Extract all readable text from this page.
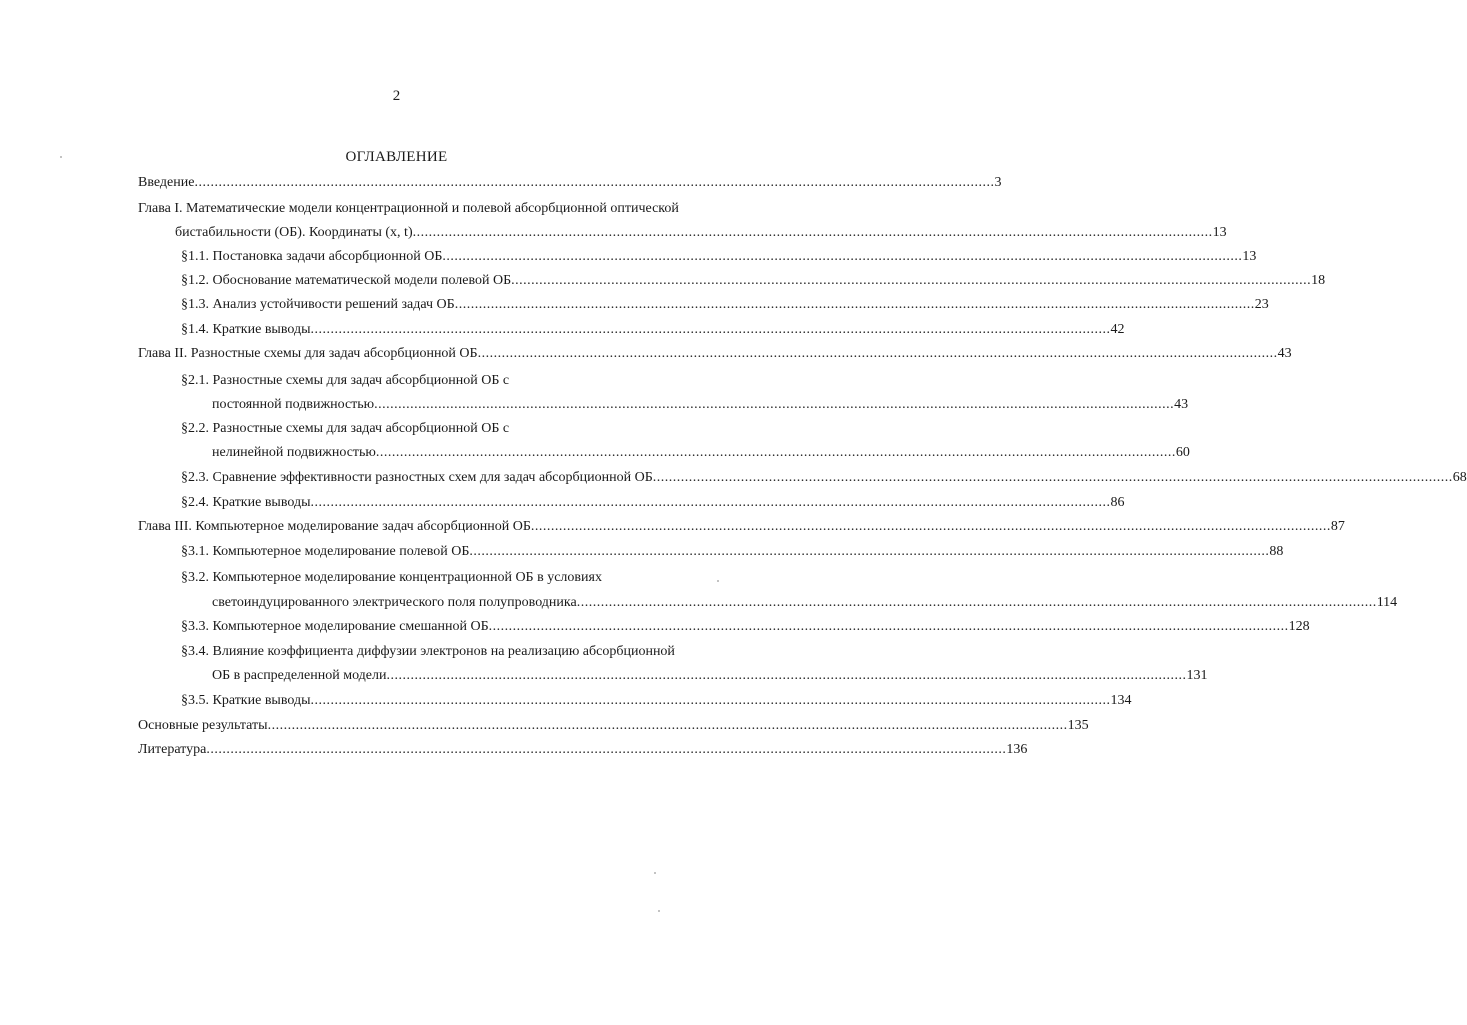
2
ОГЛАВЛЕНИЕ
Введение ........................................................................................................................................................................................................ 3
Глава I. Математические модели концентрационной и полевой абсорбционной оптической
бистабильности (ОБ). Координаты (x, t) ........................................................................................................................................................................................................ 13
§1.1. Постановка задачи абсорбционной ОБ ........................................................................................................................................................................................................ 13
§1.2. Обоснование математической модели полевой ОБ ........................................................................................................................................................................................................ 18
§1.3. Анализ устойчивости решений задач ОБ ........................................................................................................................................................................................................ 23
§1.4. Краткие выводы ........................................................................................................................................................................................................ 42
Глава II. Разностные схемы для задач абсорбционной ОБ ........................................................................................................................................................................................................ 43
§2.1. Разностные схемы для задач абсорбционной ОБ с
постоянной подвижностью ........................................................................................................................................................................................................ 43
§2.2. Разностные схемы для задач абсорбционной ОБ с
нелинейной подвижностью ........................................................................................................................................................................................................ 60
§2.3. Сравнение эффективности разностных схем для задач абсорбционной ОБ ........................................................................................................................................................................................................ 68
§2.4. Краткие выводы ........................................................................................................................................................................................................ 86
Глава III. Компьютерное моделирование задач абсорбционной ОБ ........................................................................................................................................................................................................ 87
§3.1. Компьютерное моделирование полевой ОБ ........................................................................................................................................................................................................ 88
§3.2. Компьютерное моделирование концентрационной ОБ в условиях
светоиндуцированного электрического поля полупроводника ........................................................................................................................................................................................................ 114
§3.3. Компьютерное моделирование смешанной ОБ ........................................................................................................................................................................................................ 128
§3.4. Влияние коэффициента диффузии электронов на реализацию абсорбционной
ОБ в распределенной модели ........................................................................................................................................................................................................ 131
§3.5. Краткие выводы ........................................................................................................................................................................................................ 134
Основные результаты ........................................................................................................................................................................................................ 135
Литература ........................................................................................................................................................................................................ 136
